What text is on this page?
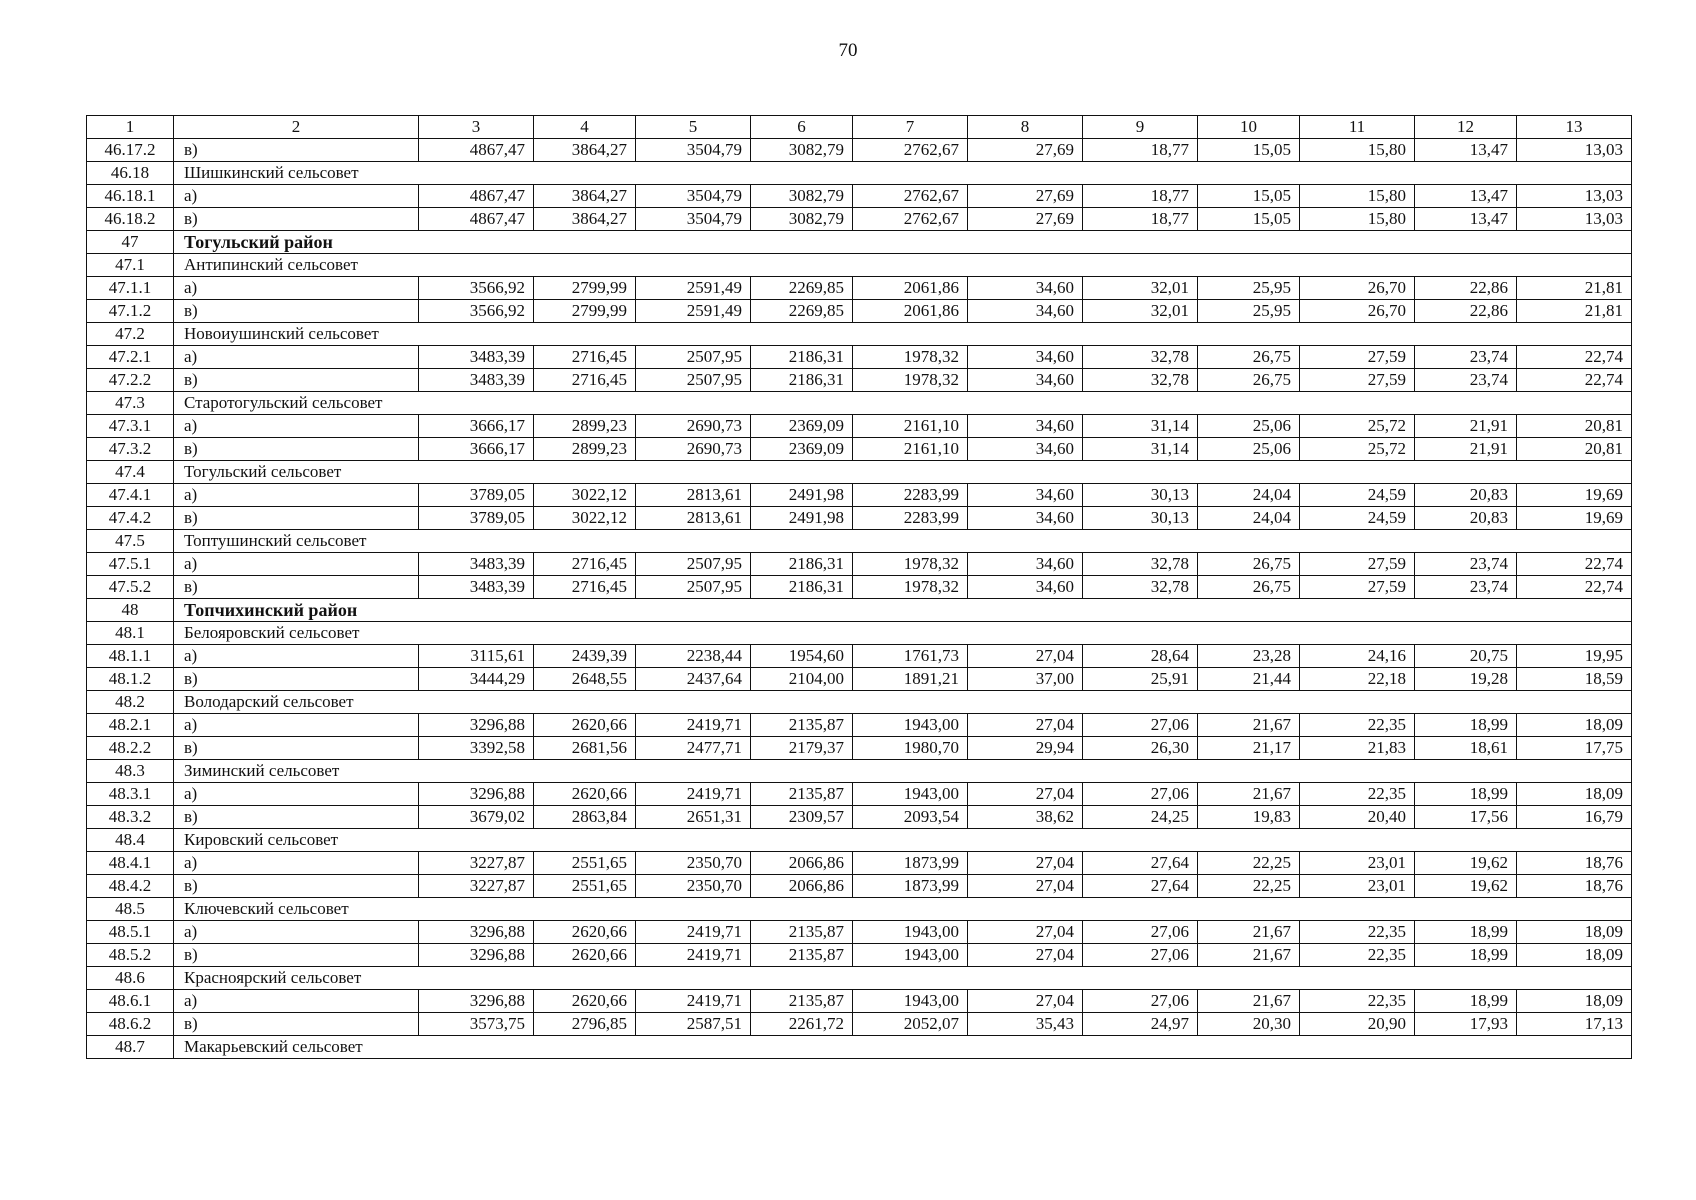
70
1	2	3	4	5	6	7	8	9	10	11	12	13
46.17.2	в)	4867,47	3864,27	3504,79	3082,79	2762,67	27,69	18,77	15,05	15,80	13,47	13,03
46.18	Шишкинский сельсовет											
46.18.1	а)	4867,47	3864,27	3504,79	3082,79	2762,67	27,69	18,77	15,05	15,80	13,47	13,03
46.18.2	в)	4867,47	3864,27	3504,79	3082,79	2762,67	27,69	18,77	15,05	15,80	13,47	13,03
47	Тогульский район											
47.1	Антипинский сельсовет											
47.1.1	а)	3566,92	2799,99	2591,49	2269,85	2061,86	34,60	32,01	25,95	26,70	22,86	21,81
47.1.2	в)	3566,92	2799,99	2591,49	2269,85	2061,86	34,60	32,01	25,95	26,70	22,86	21,81
47.2	Новоиушинский сельсовет											
47.2.1	а)	3483,39	2716,45	2507,95	2186,31	1978,32	34,60	32,78	26,75	27,59	23,74	22,74
47.2.2	в)	3483,39	2716,45	2507,95	2186,31	1978,32	34,60	32,78	26,75	27,59	23,74	22,74
47.3	Старотогульский сельсовет											
47.3.1	а)	3666,17	2899,23	2690,73	2369,09	2161,10	34,60	31,14	25,06	25,72	21,91	20,81
47.3.2	в)	3666,17	2899,23	2690,73	2369,09	2161,10	34,60	31,14	25,06	25,72	21,91	20,81
47.4	Тогульский сельсовет											
47.4.1	а)	3789,05	3022,12	2813,61	2491,98	2283,99	34,60	30,13	24,04	24,59	20,83	19,69
47.4.2	в)	3789,05	3022,12	2813,61	2491,98	2283,99	34,60	30,13	24,04	24,59	20,83	19,69
47.5	Топтушинский сельсовет											
47.5.1	а)	3483,39	2716,45	2507,95	2186,31	1978,32	34,60	32,78	26,75	27,59	23,74	22,74
47.5.2	в)	3483,39	2716,45	2507,95	2186,31	1978,32	34,60	32,78	26,75	27,59	23,74	22,74
48	Топчихинский район											
48.1	Белояровский сельсовет											
48.1.1	а)	3115,61	2439,39	2238,44	1954,60	1761,73	27,04	28,64	23,28	24,16	20,75	19,95
48.1.2	в)	3444,29	2648,55	2437,64	2104,00	1891,21	37,00	25,91	21,44	22,18	19,28	18,59
48.2	Володарский сельсовет											
48.2.1	а)	3296,88	2620,66	2419,71	2135,87	1943,00	27,04	27,06	21,67	22,35	18,99	18,09
48.2.2	в)	3392,58	2681,56	2477,71	2179,37	1980,70	29,94	26,30	21,17	21,83	18,61	17,75
48.3	Зиминский сельсовет											
48.3.1	а)	3296,88	2620,66	2419,71	2135,87	1943,00	27,04	27,06	21,67	22,35	18,99	18,09
48.3.2	в)	3679,02	2863,84	2651,31	2309,57	2093,54	38,62	24,25	19,83	20,40	17,56	16,79
48.4	Кировский сельсовет											
48.4.1	а)	3227,87	2551,65	2350,70	2066,86	1873,99	27,04	27,64	22,25	23,01	19,62	18,76
48.4.2	в)	3227,87	2551,65	2350,70	2066,86	1873,99	27,04	27,64	22,25	23,01	19,62	18,76
48.5	Ключевский сельсовет											
48.5.1	а)	3296,88	2620,66	2419,71	2135,87	1943,00	27,04	27,06	21,67	22,35	18,99	18,09
48.5.2	в)	3296,88	2620,66	2419,71	2135,87	1943,00	27,04	27,06	21,67	22,35	18,99	18,09
48.6	Красноярский сельсовет											
48.6.1	а)	3296,88	2620,66	2419,71	2135,87	1943,00	27,04	27,06	21,67	22,35	18,99	18,09
48.6.2	в)	3573,75	2796,85	2587,51	2261,72	2052,07	35,43	24,97	20,30	20,90	17,93	17,13
48.7	Макарьевский сельсовет											
